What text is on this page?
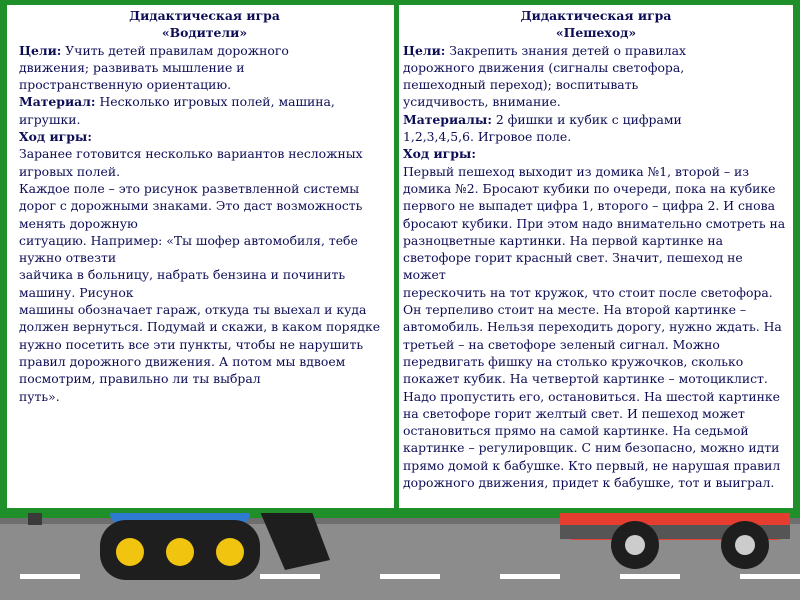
Дидактическая игра

«Водители»

Цели: Учить детей правилам дорожного

движения; развивать мышление и

пространственную ориентацию.

Материал: Несколько игровых полей, машина,

игрушки.

Ход игры:

Заранее готовится несколько вариантов несложных

игровых полей.

Каждое поле – это рисунок разветвленной системы

дорог с дорожными знаками. Это даст возможность

менять дорожную

ситуацию. Например: «Ты шофер автомобиля, тебе

нужно отвезти

зайчика в больницу, набрать бензина и починить

машину. Рисунок

машины обозначает гараж, откуда ты выехал и куда

должен вернуться. Подумай и скажи, в каком порядке

нужно посетить все эти пункты, чтобы не нарушить

правил дорожного движения. А потом мы вдвоем

посмотрим, правильно ли ты выбрал

путь».

Дидактическая игра

«Пешеход»

Цели: Закрепить знания детей о правилах

дорожного движения (сигналы светофора,

пешеходный переход); воспитывать

усидчивость, внимание.

Материалы: 2 фишки и кубик с цифрами

1,2,3,4,5,6. Игровое поле.

Ход игры:

Первый пешеход выходит из домика №1, второй – из

домика №2. Бросают кубики по очереди, пока на кубике

первого не выпадет цифра 1, второго – цифра 2. И снова

бросают кубики. При этом надо внимательно смотреть на

разноцветные картинки. На первой картинке на

светофоре горит красный свет. Значит, пешеход не может

перескочить на тот кружок, что стоит после светофора.

Он терпеливо стоит на месте. На второй картинке –

автомобиль. Нельзя переходить дорогу, нужно ждать. На

третьей – на светофоре зеленый сигнал. Можно

передвигать фишку на столько кружочков, сколько

покажет кубик. На четвертой картинке – мотоциклист.

Надо пропустить его, остановиться. На шестой картинке

на светофоре горит желтый свет. И пешеход может

остановиться прямо на самой картинке. На седьмой

картинке – регулировщик. С ним безопасно, можно идти

прямо домой к бабушке. Кто первый, не нарушая правил

дорожного движения, придет к бабушке, тот и выиграл.
